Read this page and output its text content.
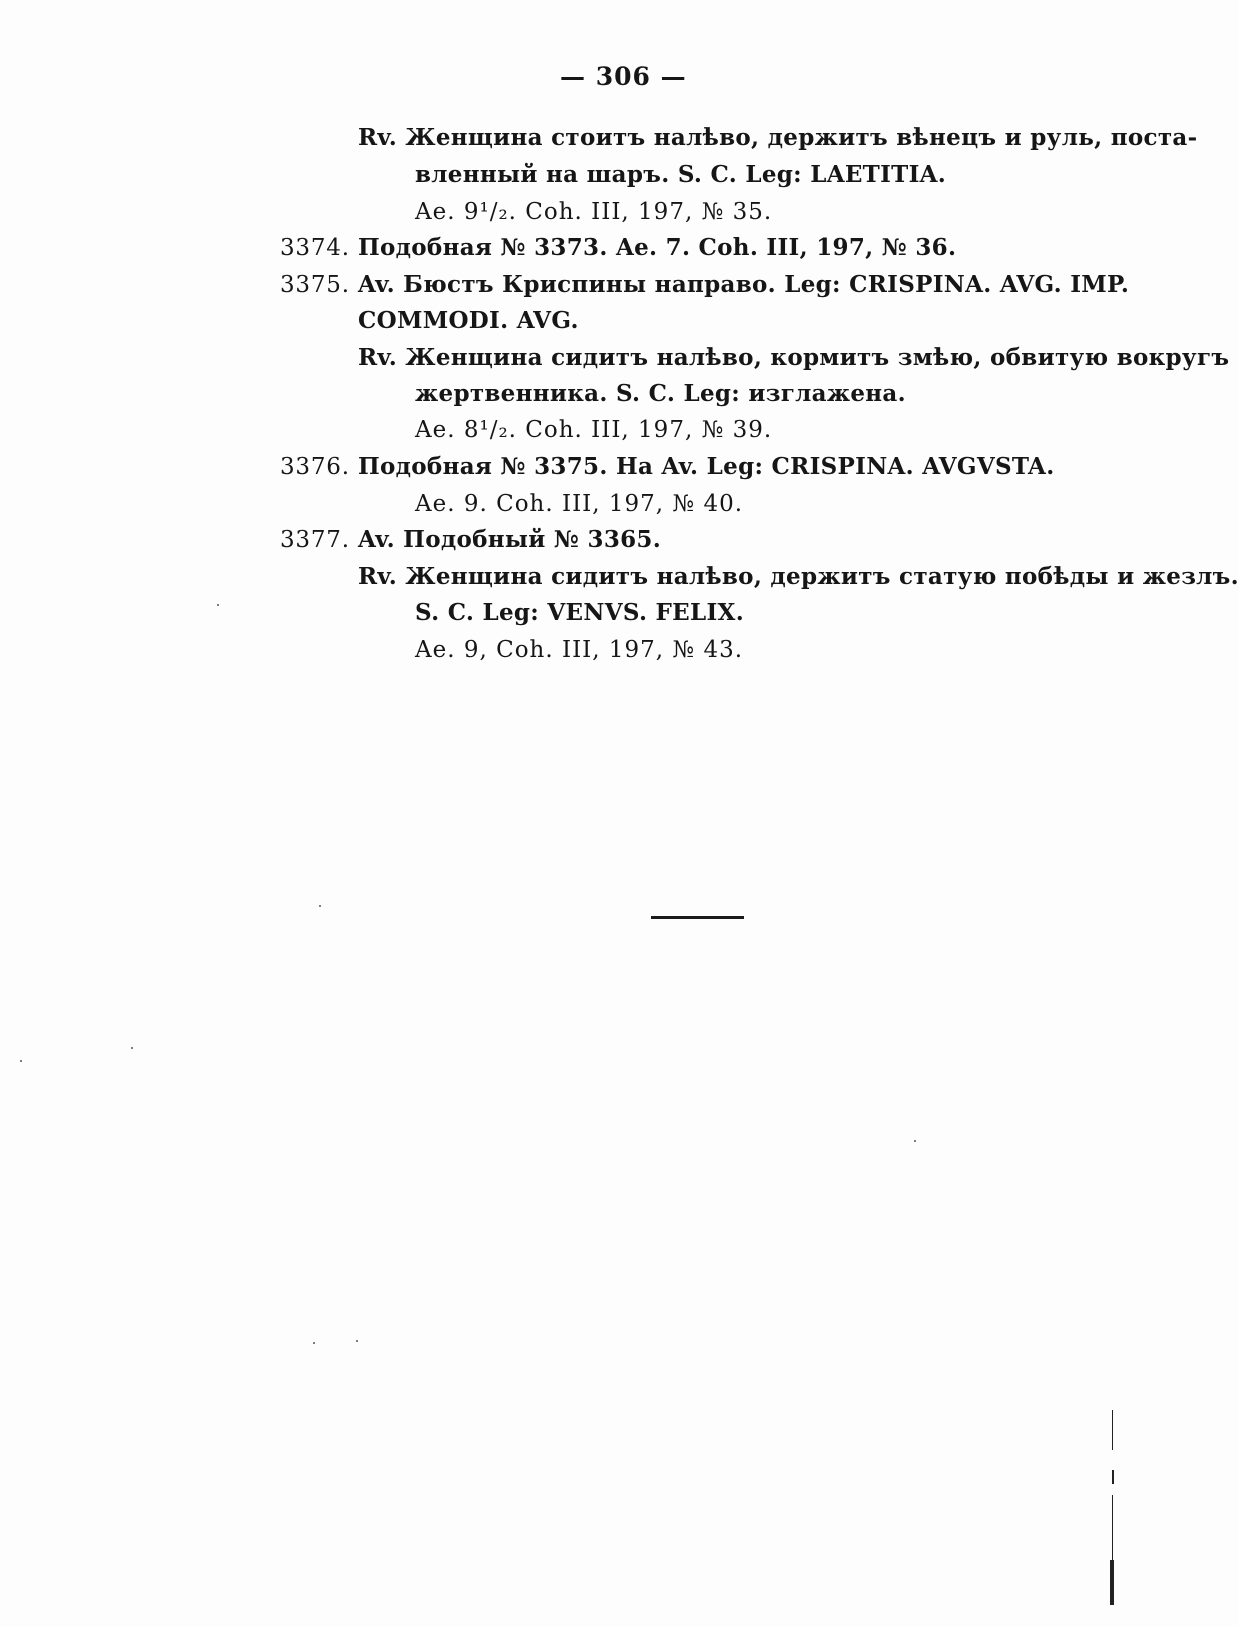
— 306 —
Rv. Женщина стоитъ налѣво, держитъ вѣнецъ и руль, поста-
вленный на шаръ. S. C. Leg: LAETITIA.
Ae. 9¹/₂. Coh. III, 197, № 35.
3374. Подобная № 3373. Ae. 7. Coh. III, 197, № 36.
3375. Av. Бюстъ Криспины направо. Leg: CRISPINA. AVG. IMP.
COMMODI. AVG.
Rv. Женщина сидитъ налѣво, кормитъ змѣю, обвитую вокругъ
жертвенника. S. C. Leg: изглажена.
Ae. 8¹/₂. Coh. III, 197, № 39.
3376. Подобная № 3375. На Av. Leg: CRISPINA. AVGVSTA.
Ae. 9. Coh. III, 197, № 40.
3377. Av. Подобный № 3365.
Rv. Женщина сидитъ налѣво, держитъ статую побѣды и жезлъ.
S. C. Leg: VENVS. FELIX.
Ae. 9, Coh. III, 197, № 43.
